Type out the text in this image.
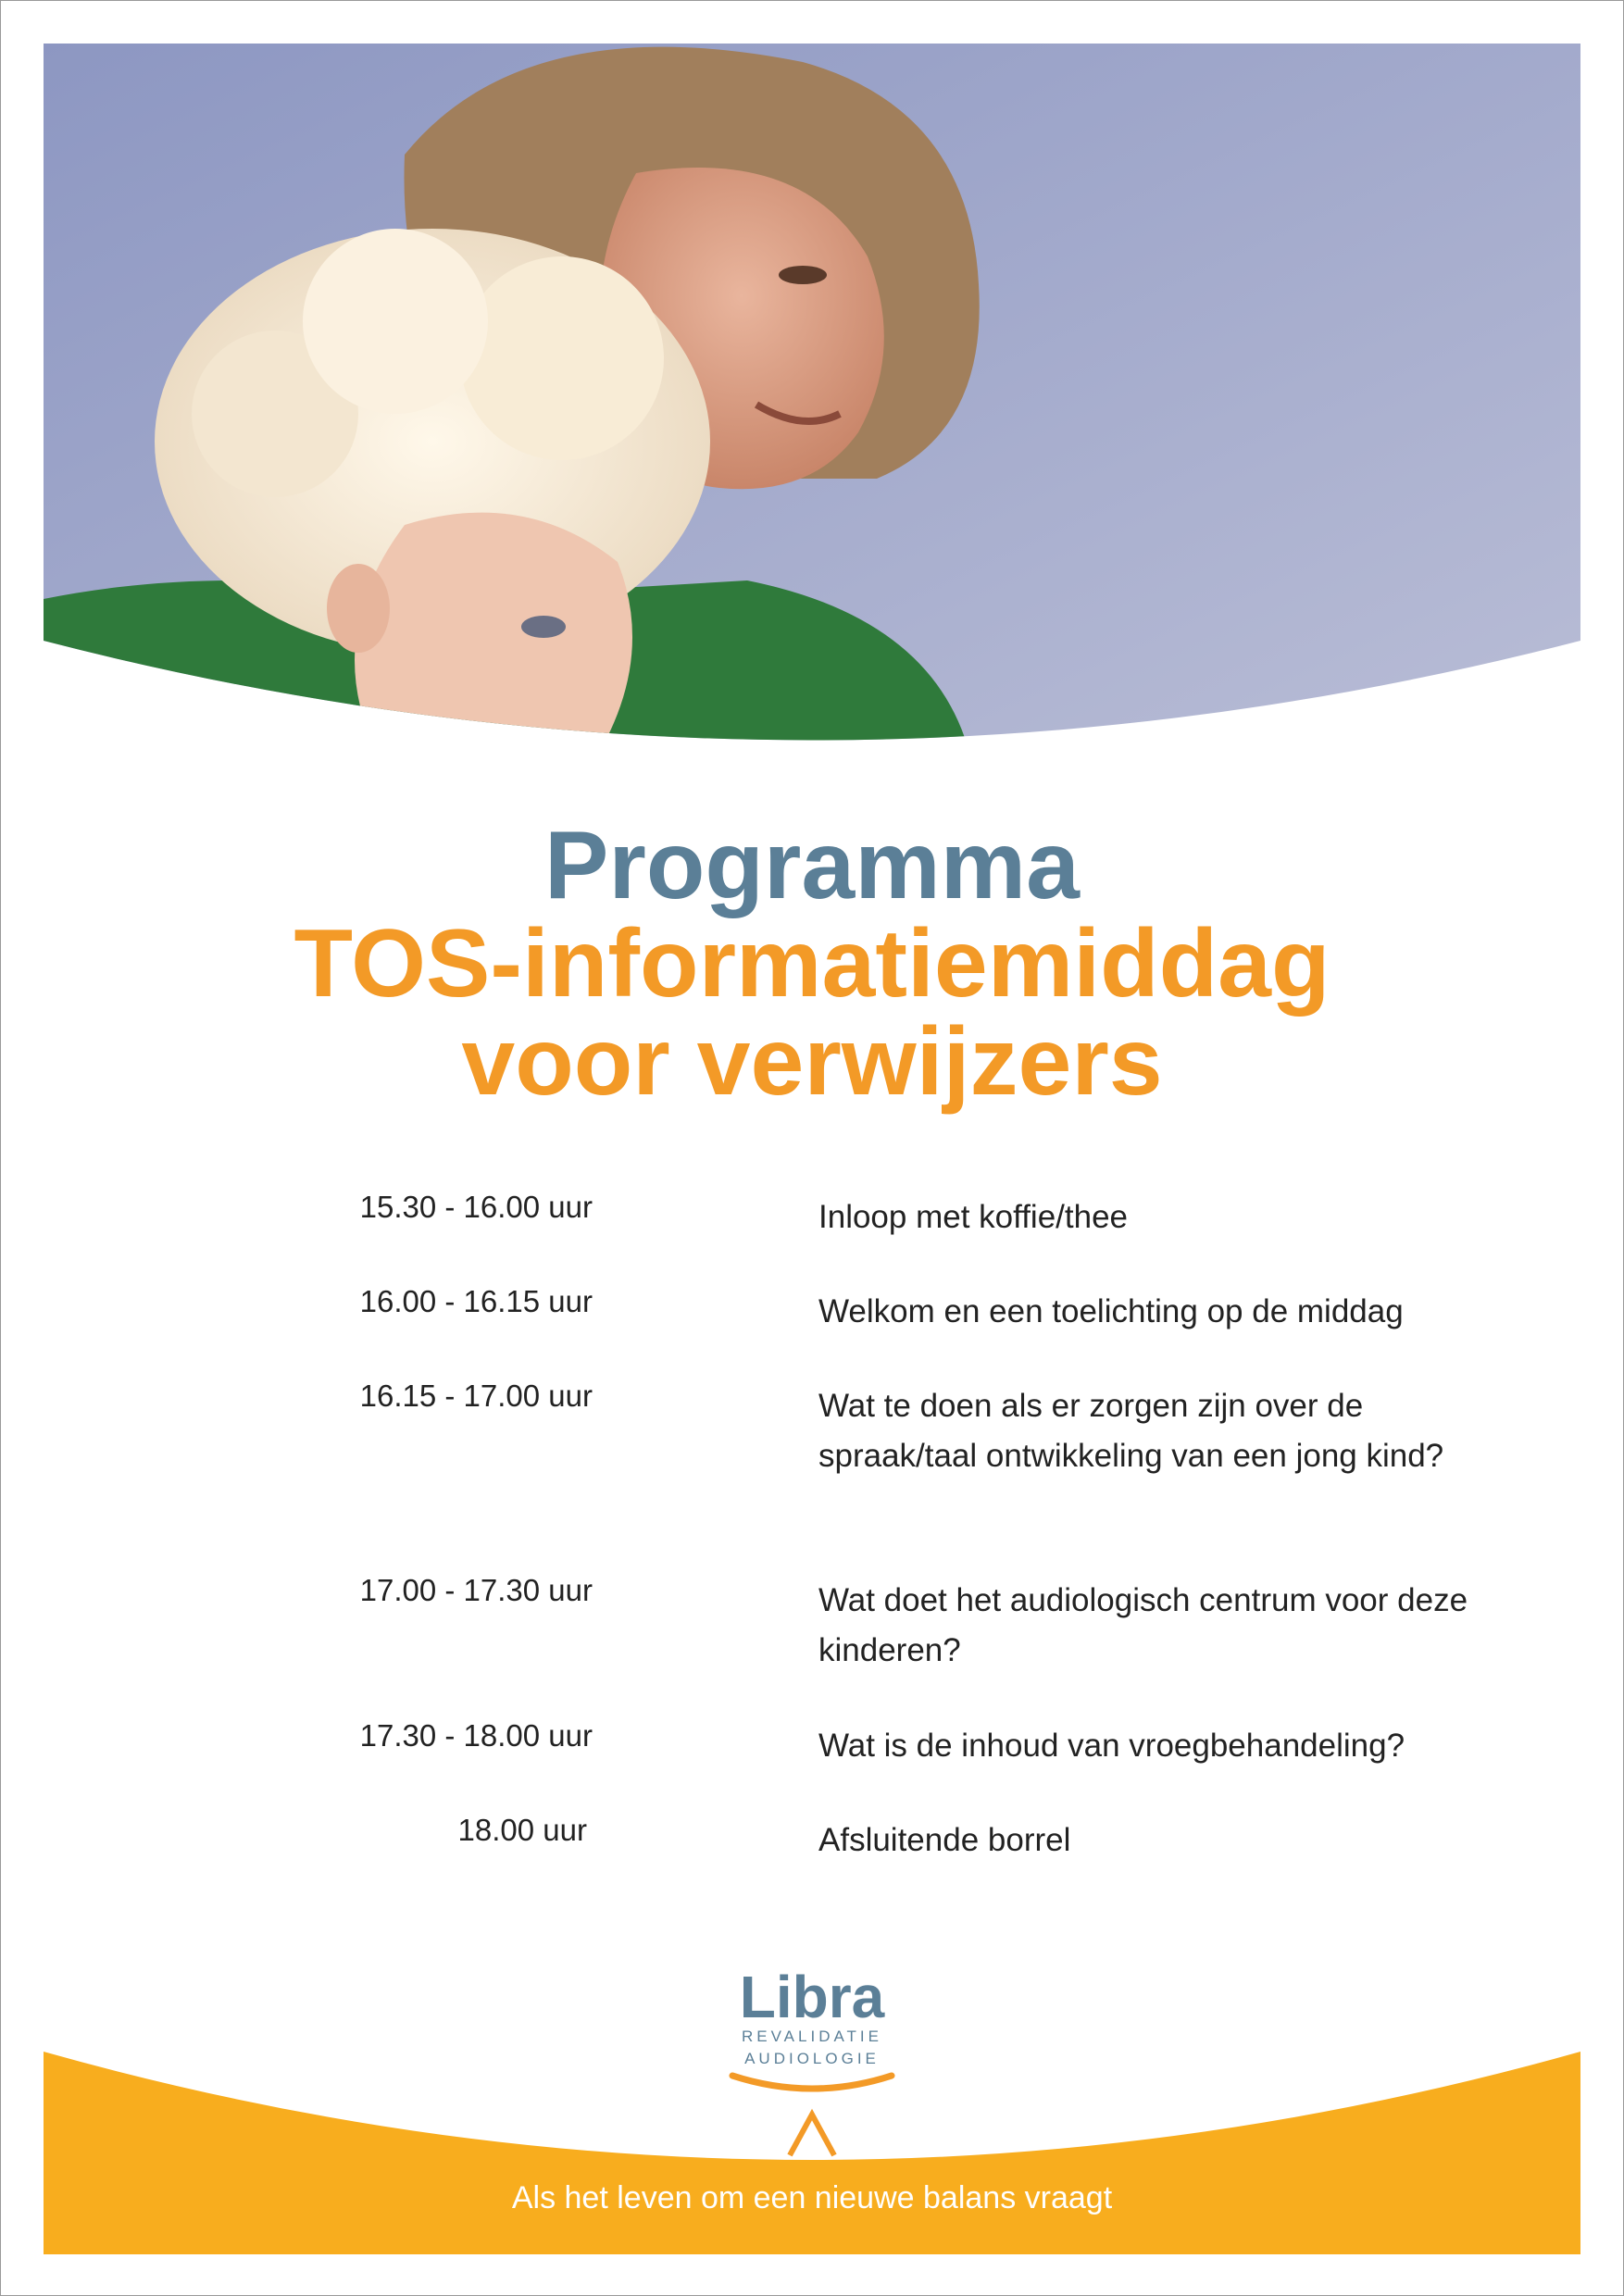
Programma
TOS-informatiemiddag
voor verwijzers
15.30 - 16.00 uur	Inloop met koffie/thee
16.00 - 16.15 uur	Welkom en een toelichting op de middag
16.15 - 17.00 uur	Wat te doen als er zorgen zijn over de spraak/taal ontwikkeling van een jong kind?
17.00 - 17.30 uur	Wat doet het audiologisch centrum voor deze kinderen?
17.30 - 18.00 uur	Wat is de inhoud van vroegbehandeling?
18.00 uur	Afsluitende borrel
Als het leven om een nieuwe balans vraagt
Libra
REVALIDATIE
AUDIOLOGIE
